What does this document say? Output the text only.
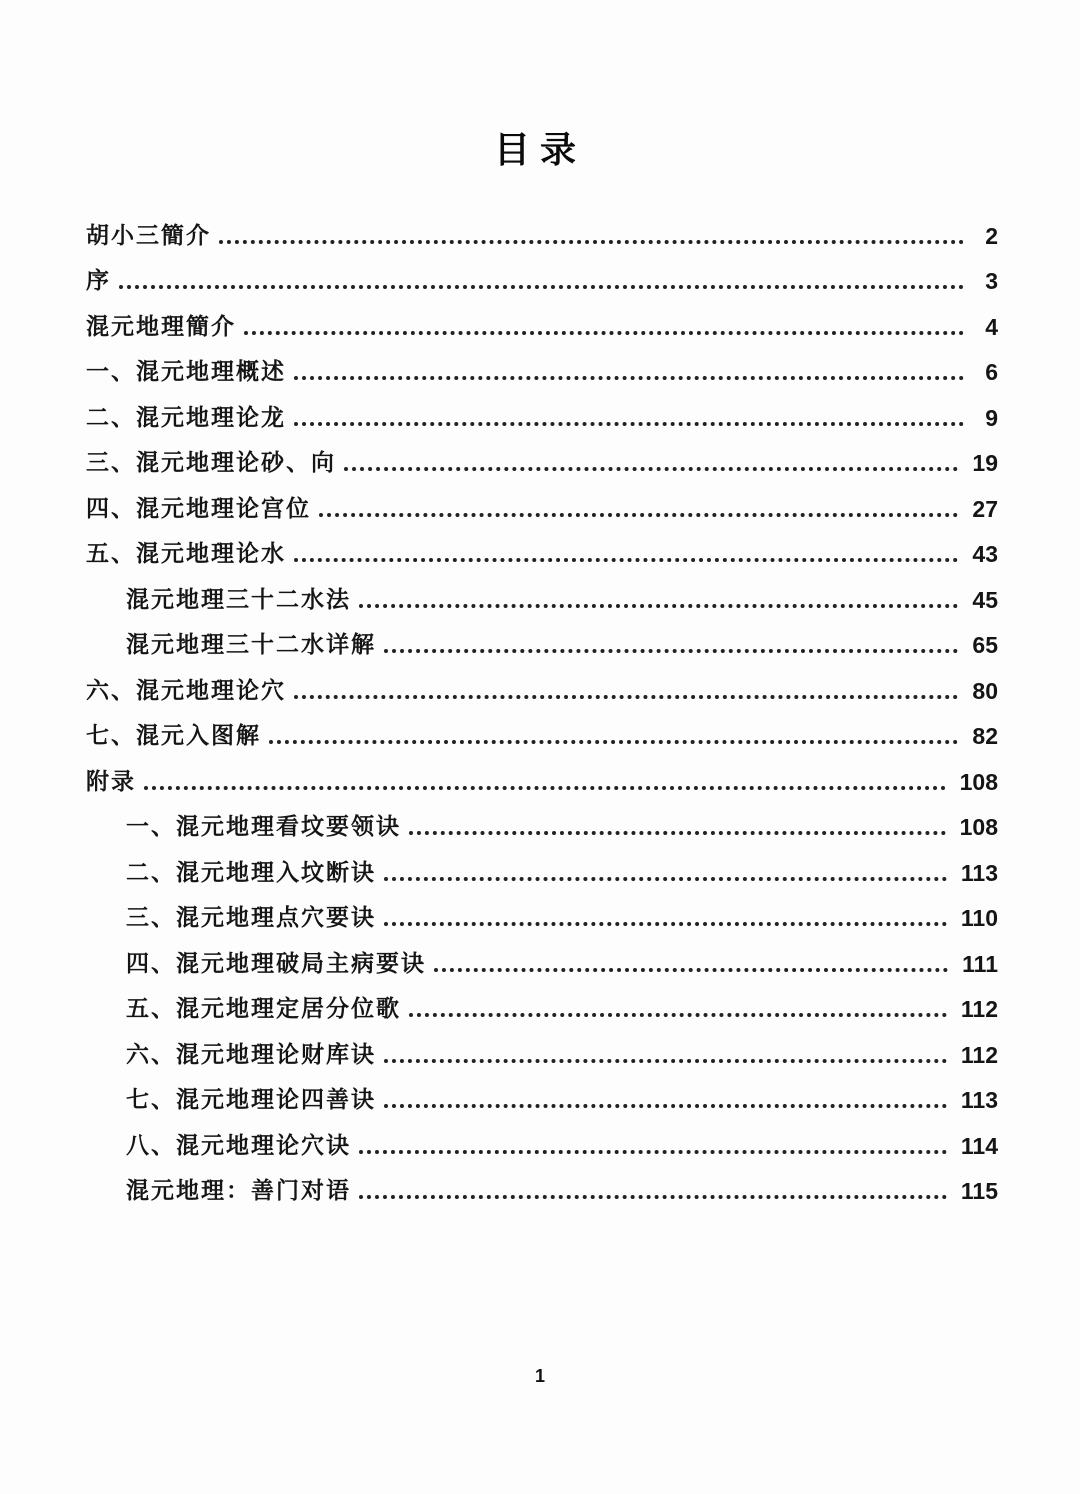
目录
胡小三簡介	2
序	3
混元地理簡介	4
一、混元地理概述	6
二、混元地理论龙	9
三、混元地理论砂、向	19
四、混元地理论宫位	27
五、混元地理论水	43
混元地理三十二水法	45
混元地理三十二水详解	65
六、混元地理论穴	80
七、混元入图解	82
附录	108
一、混元地理看坟要领诀	108
二、混元地理入坟断诀	113
三、混元地理点穴要诀	110
四、混元地理破局主病要诀	111
五、混元地理定居分位歌	112
六、混元地理论财库诀	112
七、混元地理论四善诀	113
八、混元地理论穴诀	114
混元地理：善门对语	115
1
